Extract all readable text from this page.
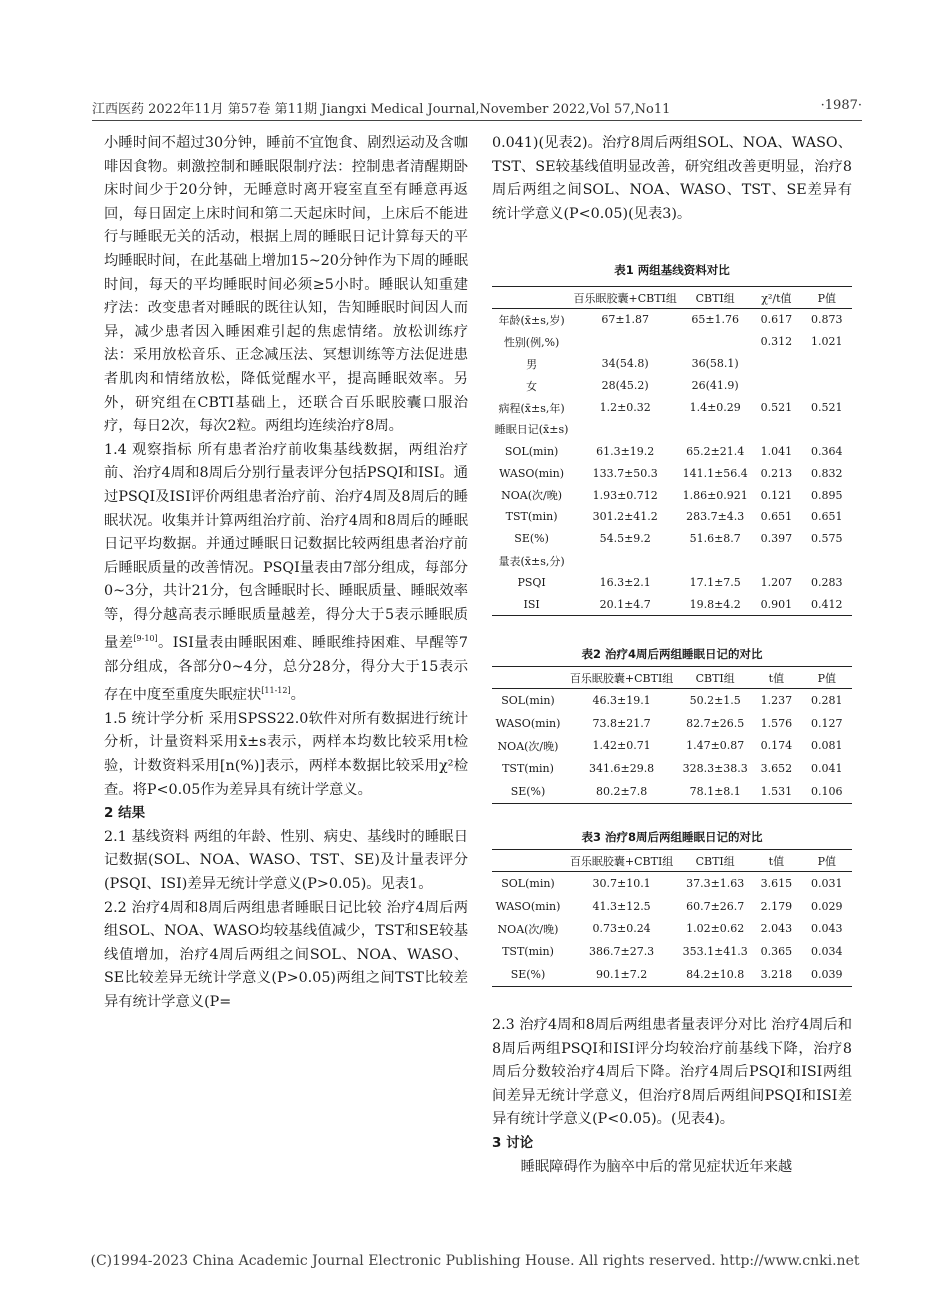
江西医药 2022年11月 第57卷 第11期 Jiangxi Medical Journal,November 2022,Vol 57,No11	·1987·

小睡时间不超过30分钟，睡前不宜饱食、剧烈运动及含咖啡因食物。刺激控制和睡眠限制疗法：控制患者清醒期卧床时间少于20分钟，无睡意时离开寝室直至有睡意再返回，每日固定上床时间和第二天起床时间，上床后不能进行与睡眠无关的活动，根据上周的睡眠日记计算每天的平均睡眠时间，在此基础上增加15~20分钟作为下周的睡眠时间，每天的平均睡眠时间必须≥5小时。睡眠认知重建疗法：改变患者对睡眠的既往认知，告知睡眠时间因人而异，减少患者因入睡困难引起的焦虑情绪。放松训练疗法：采用放松音乐、正念减压法、冥想训练等方法促进患者肌肉和情绪放松，降低觉醒水平，提高睡眠效率。另外，研究组在CBTI基础上，还联合百乐眠胶囊口服治疗，每日2次，每次2粒。两组均连续治疗8周。

1.4 观察指标 所有患者治疗前收集基线数据，两组治疗前、治疗4周和8周后分别行量表评分包括PSQI和ISI。通过PSQI及ISI评价两组患者治疗前、治疗4周及8周后的睡眠状况。收集并计算两组治疗前、治疗4周和8周后的睡眠日记平均数据。并通过睡眠日记数据比较两组患者治疗前后睡眠质量的改善情况。PSQI量表由7部分组成，每部分0~3分，共计21分，包含睡眠时长、睡眠质量、睡眠效率等，得分越高表示睡眠质量越差，得分大于5表示睡眠质量差[9-10]。ISI量表由睡眠困难、睡眠维持困难、早醒等7部分组成，各部分0~4分，总分28分，得分大于15表示存在中度至重度失眠症状[11-12]。

1.5 统计学分析 采用SPSS22.0软件对所有数据进行统计分析，计量资料采用x̄±s表示，两样本均数比较采用t检验，计数资料采用[n(%)]表示，两样本数据比较采用χ²检查。将P<0.05作为差异具有统计学意义。

2 结果

2.1 基线资料 两组的年龄、性别、病史、基线时的睡眠日记数据(SOL、NOA、WASO、TST、SE)及计量表评分(PSQI、ISI)差异无统计学意义(P>0.05)。见表1。

2.2 治疗4周和8周后两组患者睡眠日记比较 治疗4周后两组SOL、NOA、WASO均较基线值减少，TST和SE较基线值增加，治疗4周后两组之间SOL、NOA、WASO、SE比较差异无统计学意义(P>0.05)两组之间TST比较差异有统计学意义(P=

0.041)(见表2)。治疗8周后两组SOL、NOA、WASO、TST、SE较基线值明显改善，研究组改善更明显，治疗8周后两组之间SOL、NOA、WASO、TST、SE差异有统计学意义(P<0.05)(见表3)。

表1 两组基线资料对比

	百乐眠胶囊+CBTI组	CBTI组	χ²/t值	P值
年龄(x̄±s,岁)	67±1.87	65±1.76	0.617	0.873
性别(例,%)			0.312	1.021
男	34(54.8)	36(58.1)		
女	28(45.2)	26(41.9)		
病程(x̄±s,年)	1.2±0.32	1.4±0.29	0.521	0.521
睡眠日记(x̄±s)				
SOL(min)	61.3±19.2	65.2±21.4	1.041	0.364
WASO(min)	133.7±50.3	141.1±56.4	0.213	0.832
NOA(次/晚)	1.93±0.712	1.86±0.921	0.121	0.895
TST(min)	301.2±41.2	283.7±4.3	0.651	0.651
SE(%)	54.5±9.2	51.6±8.7	0.397	0.575
量表(x̄±s,分)				
PSQI	16.3±2.1	17.1±7.5	1.207	0.283
ISI	20.1±4.7	19.8±4.2	0.901	0.412

表2 治疗4周后两组睡眠日记的对比

	百乐眠胶囊+CBTI组	CBTI组	t值	P值
SOL(min)	46.3±19.1	50.2±1.5	1.237	0.281
WASO(min)	73.8±21.7	82.7±26.5	1.576	0.127
NOA(次/晚)	1.42±0.71	1.47±0.87	0.174	0.081
TST(min)	341.6±29.8	328.3±38.3	3.652	0.041
SE(%)	80.2±7.8	78.1±8.1	1.531	0.106

表3 治疗8周后两组睡眠日记的对比

	百乐眠胶囊+CBTI组	CBTI组	t值	P值
SOL(min)	30.7±10.1	37.3±1.63	3.615	0.031
WASO(min)	41.3±12.5	60.7±26.7	2.179	0.029
NOA(次/晚)	0.73±0.24	1.02±0.62	2.043	0.043
TST(min)	386.7±27.3	353.1±41.3	0.365	0.034
SE(%)	90.1±7.2	84.2±10.8	3.218	0.039

2.3 治疗4周和8周后两组患者量表评分对比 治疗4周后和8周后两组PSQI和ISI评分均较治疗前基线下降，治疗8周后分数较治疗4周后下降。治疗4周后PSQI和ISI两组间差异无统计学意义，但治疗8周后两组间PSQI和ISI差异有统计学意义(P<0.05)。(见表4)。

3 讨论

　　睡眠障碍作为脑卒中后的常见症状近年来越

(C)1994-2023 China Academic Journal Electronic Publishing House. All rights reserved. http://www.cnki.net
